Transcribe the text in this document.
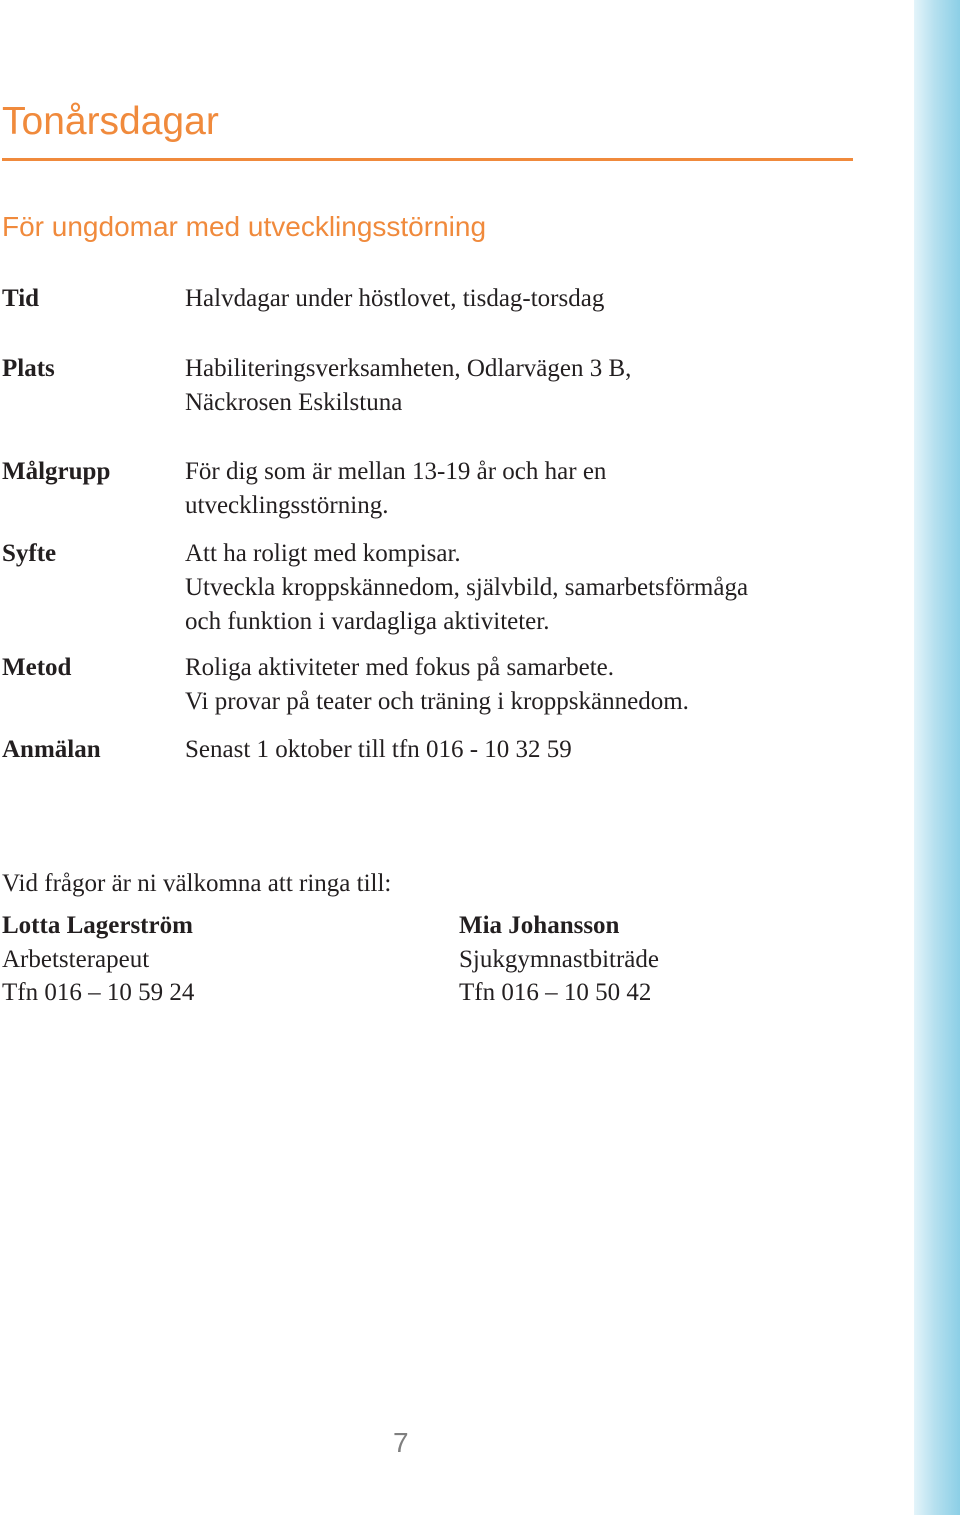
Tonårsdagar
För ungdomar med utvecklingsstörning
Tid	Halvdagar under höstlovet, tisdag-torsdag
Plats	Habiliteringsverksamheten, Odlarvägen 3 B,
Näckrosen Eskilstuna
Målgrupp	För dig som är mellan 13-19 år och har en
utvecklingsstörning.
Syfte	Att ha roligt med kompisar.
Utveckla kroppskännedom, självbild, samarbetsförmåga
och funktion i vardagliga aktiviteter.
Metod	Roliga aktiviteter med fokus på samarbete.
Vi provar på teater och träning i kroppskännedom.
Anmälan	Senast 1 oktober till tfn 016 - 10 32 59
Vid frågor är ni välkomna att ringa till:
Lotta Lagerström
Arbetsterapeut
Tfn 016 – 10 59 24
Mia Johansson
Sjukgymnastbiträde
Tfn 016 – 10 50 42
7
